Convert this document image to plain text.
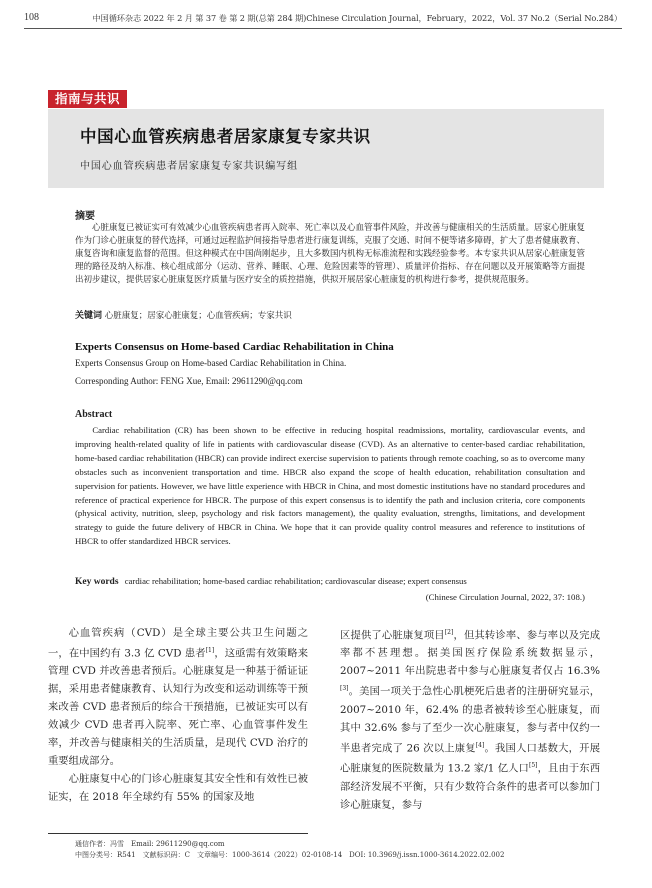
108	中国循环杂志 2022 年 2 月 第 37 卷 第 2 期(总第 284 期)Chinese Circulation Journal，February，2022，Vol. 37 No.2（Serial No.284）
指南与共识
中国心血管疾病患者居家康复专家共识
中国心血管疾病患者居家康复专家共识编写组
摘要

心脏康复已被证实可有效减少心血管疾病患者再入院率、死亡率以及心血管事件风险，并改善与健康相关的生活质量。居家心脏康复作为门诊心脏康复的替代选择，可通过远程监护间接指导患者进行康复训练，克服了交通、时间不便等诸多障碍，扩大了患者健康教育、康复咨询和康复监督的范围。但这种模式在中国尚刚起步，且大多数国内机构无标准流程和实践经验参考。本专家共识从居家心脏康复管理的路径及纳入标准、核心组成部分（运动、营养、睡眠、心理、危险因素等的管理）、质量评价指标、存在问题以及开展策略等方面提出初步建议，提供居家心脏康复医疗质量与医疗安全的质控措施，供拟开展居家心脏康复的机构进行参考，提供规范服务。

关键词 心脏康复；居家心脏康复；心血管疾病；专家共识
Experts Consensus on Home-based Cardiac Rehabilitation in China
Experts Consensus Group on Home-based Cardiac Rehabilitation in China.
Corresponding Author: FENG Xue, Email: 29611290@qq.com
Abstract

Cardiac rehabilitation (CR) has been shown to be effective in reducing hospital readmissions, mortality, cardiovascular events, and improving health-related quality of life in patients with cardiovascular disease (CVD). As an alternative to center-based cardiac rehabilitation, home-based cardiac rehabilitation (HBCR) can provide indirect exercise supervision to patients through remote coaching, so as to overcome many obstacles such as inconvenient transportation and time. HBCR also expand the scope of health education, rehabilitation consultation and supervision for patients. However, we have little experience with HBCR in China, and most domestic institutions have no standard procedures and reference of practical experience for HBCR. The purpose of this expert consensus is to identify the path and inclusion criteria, core components (physical activity, nutrition, sleep, psychology and risk factors management), the quality evaluation, strengths, limitations, and development strategy to guide the future delivery of HBCR in China. We hope that it can provide quality control measures and reference to institutions of HBCR to offer standardized HBCR services.

Key words cardiac rehabilitation; home-based cardiac rehabilitation; cardiovascular disease; expert consensus
(Chinese Circulation Journal, 2022, 37: 108.)

心血管疾病（CVD）是全球主要公共卫生问题之一，在中国约有 3.3 亿 CVD 患者[1]，这亟需有效策略来管理 CVD 并改善患者预后。心脏康复是一种基于循证证据，采用患者健康教育、认知行为改变和运动训练等干预来改善 CVD 患者预后的综合干预措施，已被证实可以有效减少 CVD 患者再入院率、死亡率、心血管事件发生率，并改善与健康相关的生活质量，是现代 CVD 治疗的重要组成部分。

心脏康复中心的门诊心脏康复其安全性和有效性已被证实，在 2018 年全球约有 55% 的国家及地

区提供了心脏康复项目[2]，但其转诊率、参与率以及完成率都不甚理想。据美国医疗保险系统数据显示，2007~2011 年出院患者中参与心脏康复者仅占 16.3%[3]。美国一项关于急性心肌梗死后患者的注册研究显示，2007~2010 年，62.4% 的患者被转诊至心脏康复，而其中 32.6% 参与了至少一次心脏康复，参与者中仅约一半患者完成了 26 次以上康复[4]。我国人口基数大，开展心脏康复的医院数量为 13.2 家/1 亿人口[5]，且由于东西部经济发展不平衡，只有少数符合条件的患者可以参加门诊心脏康复，参与

通信作者：冯雪　Email: 29611290@qq.com
中图分类号：R541　文献标识码：C　文章编号：1000-3614（2022）02-0108-14　DOI: 10.3969/j.issn.1000-3614.2022.02.002
